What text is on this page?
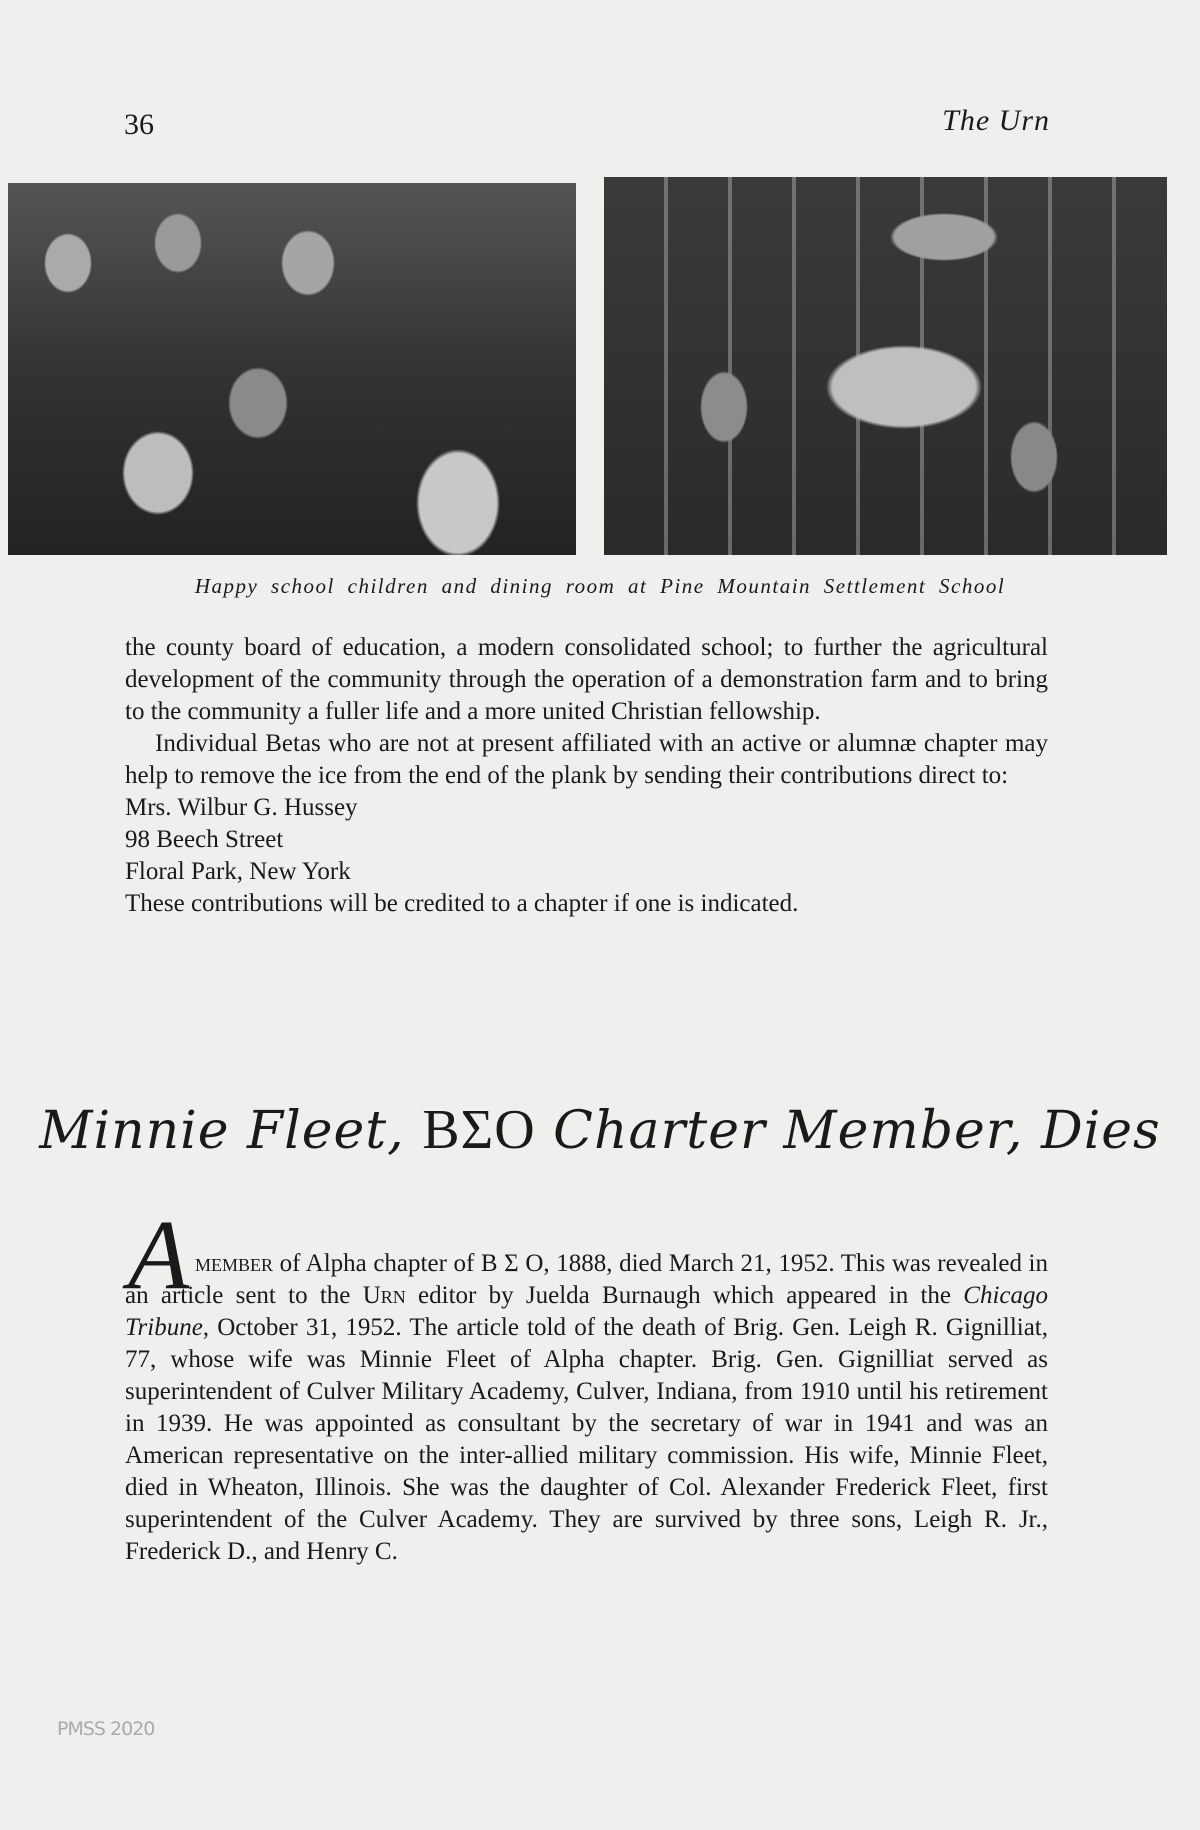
36	The Urn
Happy school children and dining room at Pine Mountain Settlement School

the county board of education, a modern consolidated school; to further the agricultural development of the community through the operation of a demonstration farm and to bring to the community a fuller life and a more united Christian fellowship.

Individual Betas who are not at present affiliated with an active or alumnæ chapter may help to remove the ice from the end of the plank by sending their contributions direct to:

Mrs. Wilbur G. Hussey

98 Beech Street

Floral Park, New York

These contributions will be credited to a chapter if one is indicated.

Minnie Fleet, BΣO Charter Member, Dies
A member of Alpha chapter of B Σ O, 1888, died March 21, 1952. This was revealed in an article sent to the Urn editor by Juelda Burnaugh which appeared in the Chicago Tribune, October 31, 1952. The article told of the death of Brig. Gen. Leigh R. Gignilliat, 77, whose wife was Minnie Fleet of Alpha chapter. Brig. Gen. Gignilliat served as superintendent of Culver Military Academy, Culver, Indiana, from 1910 until his retirement in 1939. He was appointed as consultant by the secretary of war in 1941 and was an American representative on the inter-allied military commission. His wife, Minnie Fleet, died in Wheaton, Illinois. She was the daughter of Col. Alexander Frederick Fleet, first superintendent of the Culver Academy. They are survived by three sons, Leigh R. Jr., Frederick D., and Henry C.

PMSS 2020
